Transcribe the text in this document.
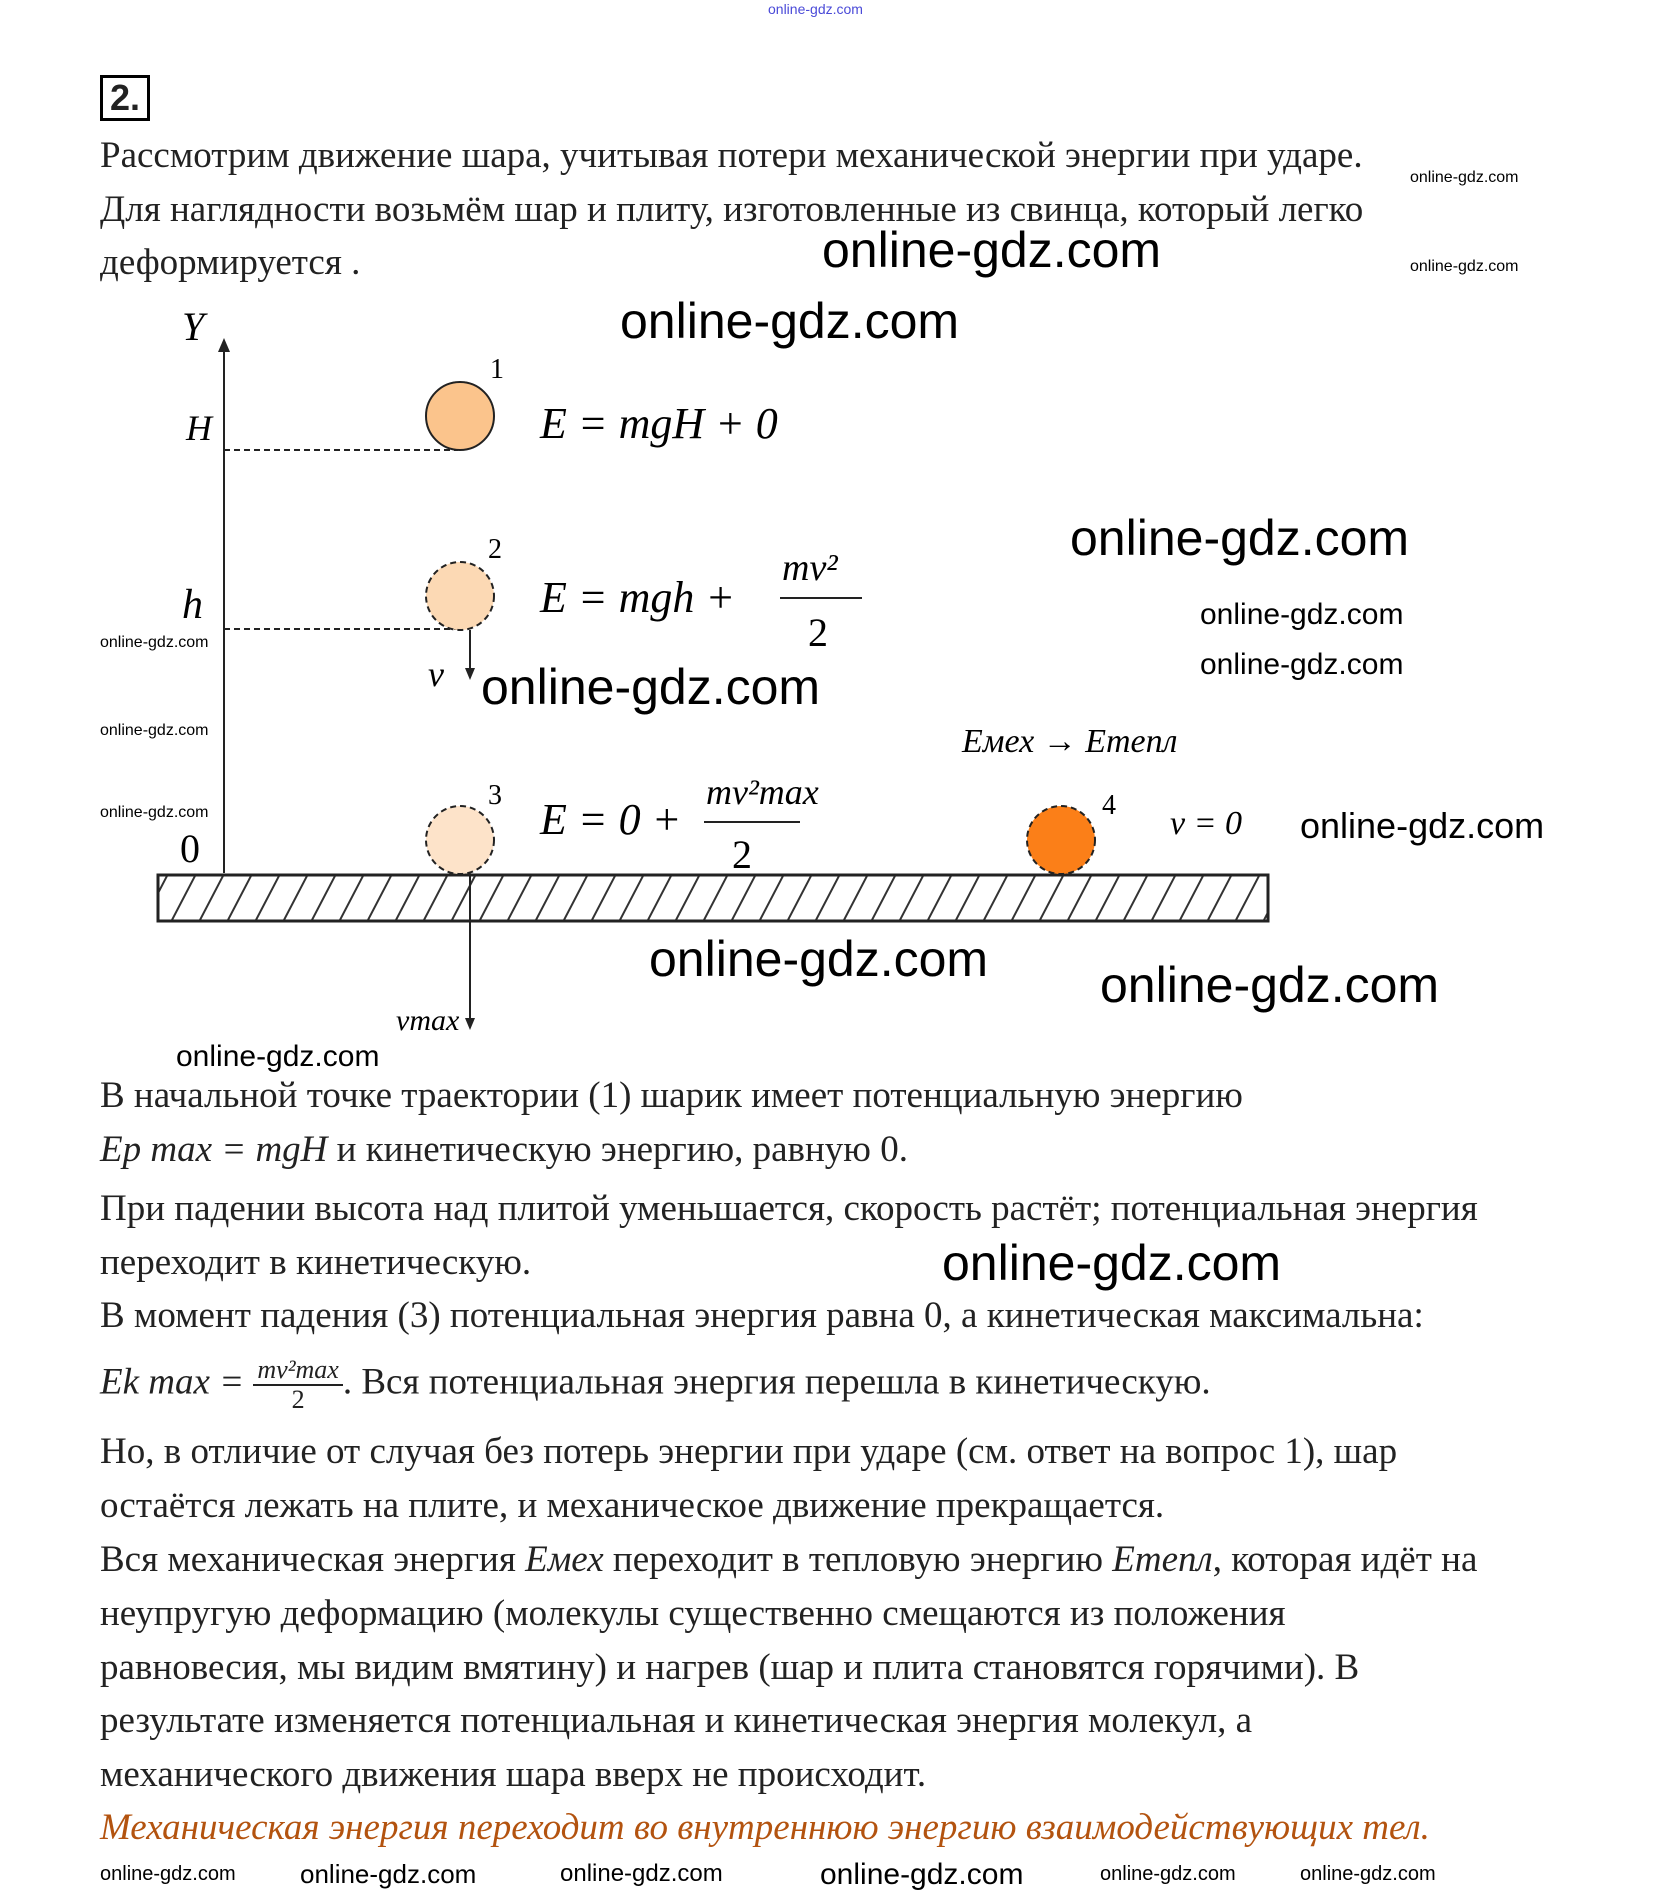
online-gdz.com
2.
Рассмотрим движение шара, учитывая потери механической энергии при ударе.
Для наглядности возьмём шар и плиту, изготовленные из свинца, который легко
деформируется .
Y
H
h
0
1
2
3	4
E = mgH + 0
E = mgh +
mv²
2
E = 0 +
mv²max
2
Eмех → Eтепл
v = 0
v
vmax
В начальной точке траектории (1) шарик имеет потенциальную энергию
Ep max = mgH и кинетическую энергию, равную 0.
При падении высота над плитой уменьшается, скорость растёт; потенциальная энергия
переходит в кинетическую.
В момент падения (3) потенциальная энергия равна 0, а кинетическая максимальна:
Ek $\max = \frac{\text{mv²max}}{2}$ . Вся потенциальная энергия перешла в кинетическую.
Но, в отличие от случая без потерь энергии при ударе (см. ответ на вопрос 1), шар
остаётся лежать на плите, и механическое движение прекращается.
Вся механическая энергия Eмех переходит в тепловую энергию Eтепл, которая идёт на
неупругую деформацию (молекулы существенно смещаются из положения
равновесия, мы видим вмятину) и нагрев (шар и плита становятся горячими). В
результате изменяется потенциальная и кинетическая энергия молекул, а
механического движения шара вверх не происходит.
Механическая энергия переходит во внутреннюю энергию взаимодействующих тел.
online-gdz.com
online-gdz.com	online-gdz.com
online-gdz.com
online-gdz.com
online-gdz.com
online-gdz.com
online-gdz.com
online-gdz.com
online-gdz.com
online-gdz.com
online-gdz.com
online-gdz.com
online-gdz.com	online-gdz.com	online-gdz.com	online-gdz.com
online-gdz.com
online-gdz.com
online-gdz.com
online-gdz.com online-gdz.com
